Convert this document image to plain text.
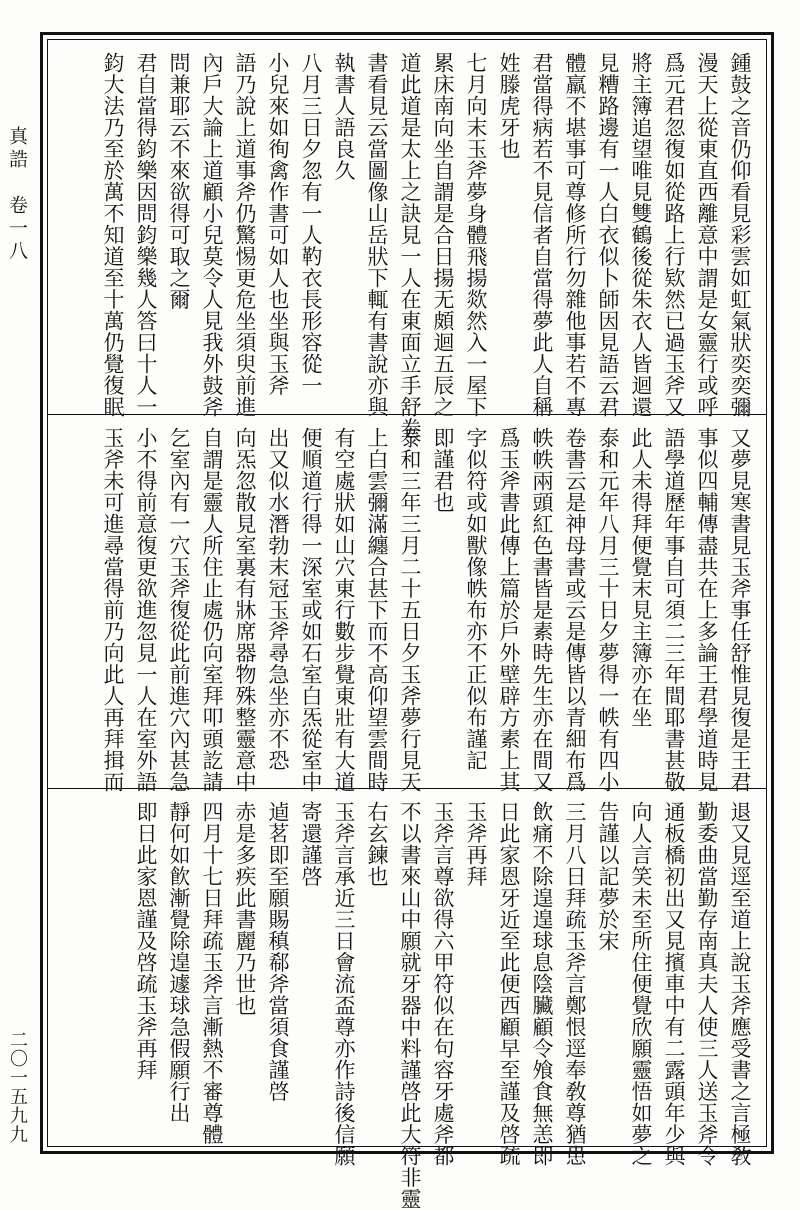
真誥　卷一八
二〇一五九九
鍾鼓之音仍仰看見彩雲如虹氣狀奕奕彌
漫天上從東直西離意中謂是女靈行或呼
爲元君忽復如從路上行欵然已過玉斧又
將主簿追望唯見雙鶴後從朱衣人皆迴還
見糟路邊有一人白衣似卜師因見語云君
體羸不堪事可尊修所行勿雜他事若不專
君當得病若不見信者自當得夢此人自稱
姓滕虎牙也
七月向末玉斧夢身體飛揚欻然入一屋下
累床南向坐自謂是合日揚无頗迴五辰之
道此道是太上之訣見一人在東面立手舒卷
書看見云當圖像山岳狀下輒有書說亦與
執書人語良久
八月三日夕忽有一人靮衣長形容從一
小兒來如徇禽作書可如人也坐與玉斧
語乃說上道事斧仍驚惕更危坐須臾前進
內戶大論上道顧小兒莫令人見我外鼓斧
問兼耶云不來欲得可取之爾
君自當得鈞樂因問鈞樂幾人答曰十人一
鈞大法乃至於萬不知道至十萬仍覺復眠
又夢見寒書見玉斧事任舒惟見復是王君
事似四輔傳盡共在上多論王君學道時見
語學道歷年事自可須二三年間耶書甚敬
此人未得拜便覺末見主簿亦在坐
泰和元年八月三十日夕夢得一帙有四小
卷書云是神母書或云是傳皆以青細布爲
帙帙兩頭紅色書皆是素時先生亦在間又
爲玉斧書此傳上篇於戶外壁辟方素上其
字似符或如獸像帙布亦不正似布謹記
即謹君也
泰和三年三月二十五日夕玉斧夢行見天
上白雲彌滿纏合甚下而不高仰望雲間時
有空處狀如山穴東行數步覺東壯有大道
便順道行得一深室或如石室白炁從室中
出又似水潛勃末冠玉斧尋急坐亦不恐
向炁忽散見室裏有牀席器物殊整靈意中
自謂是靈人所住止處仍向室拜叩頭訖請
乞室內有一穴玉斧復從此前進穴內甚急
小不得前意復更欲進忽見一人在室外語
玉斧未可進尋當得前乃向此人再拜揖而
退又見逕至道上說玉斧應受書之言極敎
勤委曲當勤存南真夫人使三人送玉斧令
通板橋初出又見擯車中有二露頭年少與
向人言笑未至所住便覺欣願靈悟如夢之
告謹以記夢於宋
三月八日拜疏玉斧言鄭恨逕奉敎尊猶患
飲痛不除遑遑球息陰臟顧令飧食無恙即
日此家恩牙近至此便西顧早至謹及啓疏
玉斧再拜
玉斧言尊欲得六甲符似在句容牙處斧都
不以書來山中願就牙器中料謹啓此大符非靈
右玄鍊也
玉斧言承近三日會流盃尊亦作詩後信願
寄還謹啓
逌茗即至願賜稹郗斧當須食謹啓
赤是多疾此書麗乃世也
四月十七日拜疏玉斧言漸熱不審尊體
靜何如飮漸覺除遑遽球急假願行出
即日此家恩謹及啓疏玉斧再拜
